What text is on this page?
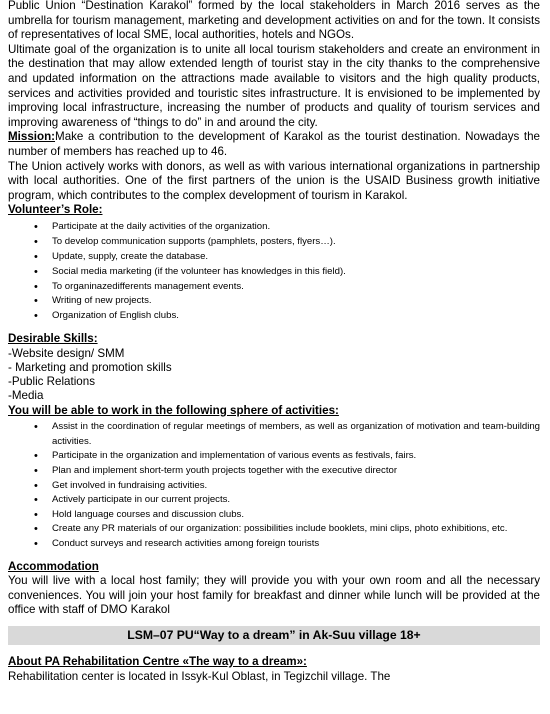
Public Union “Destination Karakol” formed by the local stakeholders in March 2016 serves as the umbrella for tourism management, marketing and development activities on and for the town. It consists of representatives of local SME, local authorities, hotels and NGOs.

Ultimate goal of the organization is to unite all local tourism stakeholders and create an environment in the destination that may allow extended length of tourist stay in the city thanks to the comprehensive and updated information on the attractions made available to visitors and the high quality products, services and activities provided and touristic sites infrastructure. It is envisioned to be implemented by improving local infrastructure, increasing the number of products and quality of tourism services and improving awareness of “things to do” in and around the city.

Mission:Make a contribution to the development of Karakol as the tourist destination. Nowadays the number of members has reached up to 46.

The Union actively works with donors, as well as with various international organizations in partnership with local authorities. One of the first partners of the union is the USAID Business growth initiative program, which contributes to the complex development of tourism in Karakol.

Volunteer’s Role:

• Participate at the daily activities of the organization.
• To develop communication supports (pamphlets, posters, flyers…).
• Update, supply, create the database.
• Social media marketing (if the volunteer has knowledges in this field).
• To organinazedifferents management events.
• Writing of new projects.
• Organization of English clubs.

Desirable Skills:

-Website design/ SMM
- Marketing and promotion skills
-Public Relations
-Media

You will be able to work in the following sphere of activities:

• Assist in the coordination of regular meetings of members, as well as organization of motivation and team-building activities.
• Participate in the organization and implementation of various events as festivals, fairs.
• Plan and implement short-term youth projects together with the executive director
• Get involved in fundraising activities.
• Actively participate in our current projects.
• Hold language courses and discussion clubs.
• Create any PR materials of our organization: possibilities include booklets, mini clips, photo exhibitions, etc.
• Conduct surveys and research activities among foreign tourists

Accommodation

You will live with a local host family; they will provide you with your own room and all the necessary conveniences. You will join your host family for breakfast and dinner while lunch will be provided at the office with staff of DMO Karakol

LSM–07 PU“Way to a dream” in Ak-Suu village 18+

About PA Rehabilitation Centre «The way to a dream»:

Rehabilitation center is located in Issyk-Kul Oblast, in Tegizchil village. The
